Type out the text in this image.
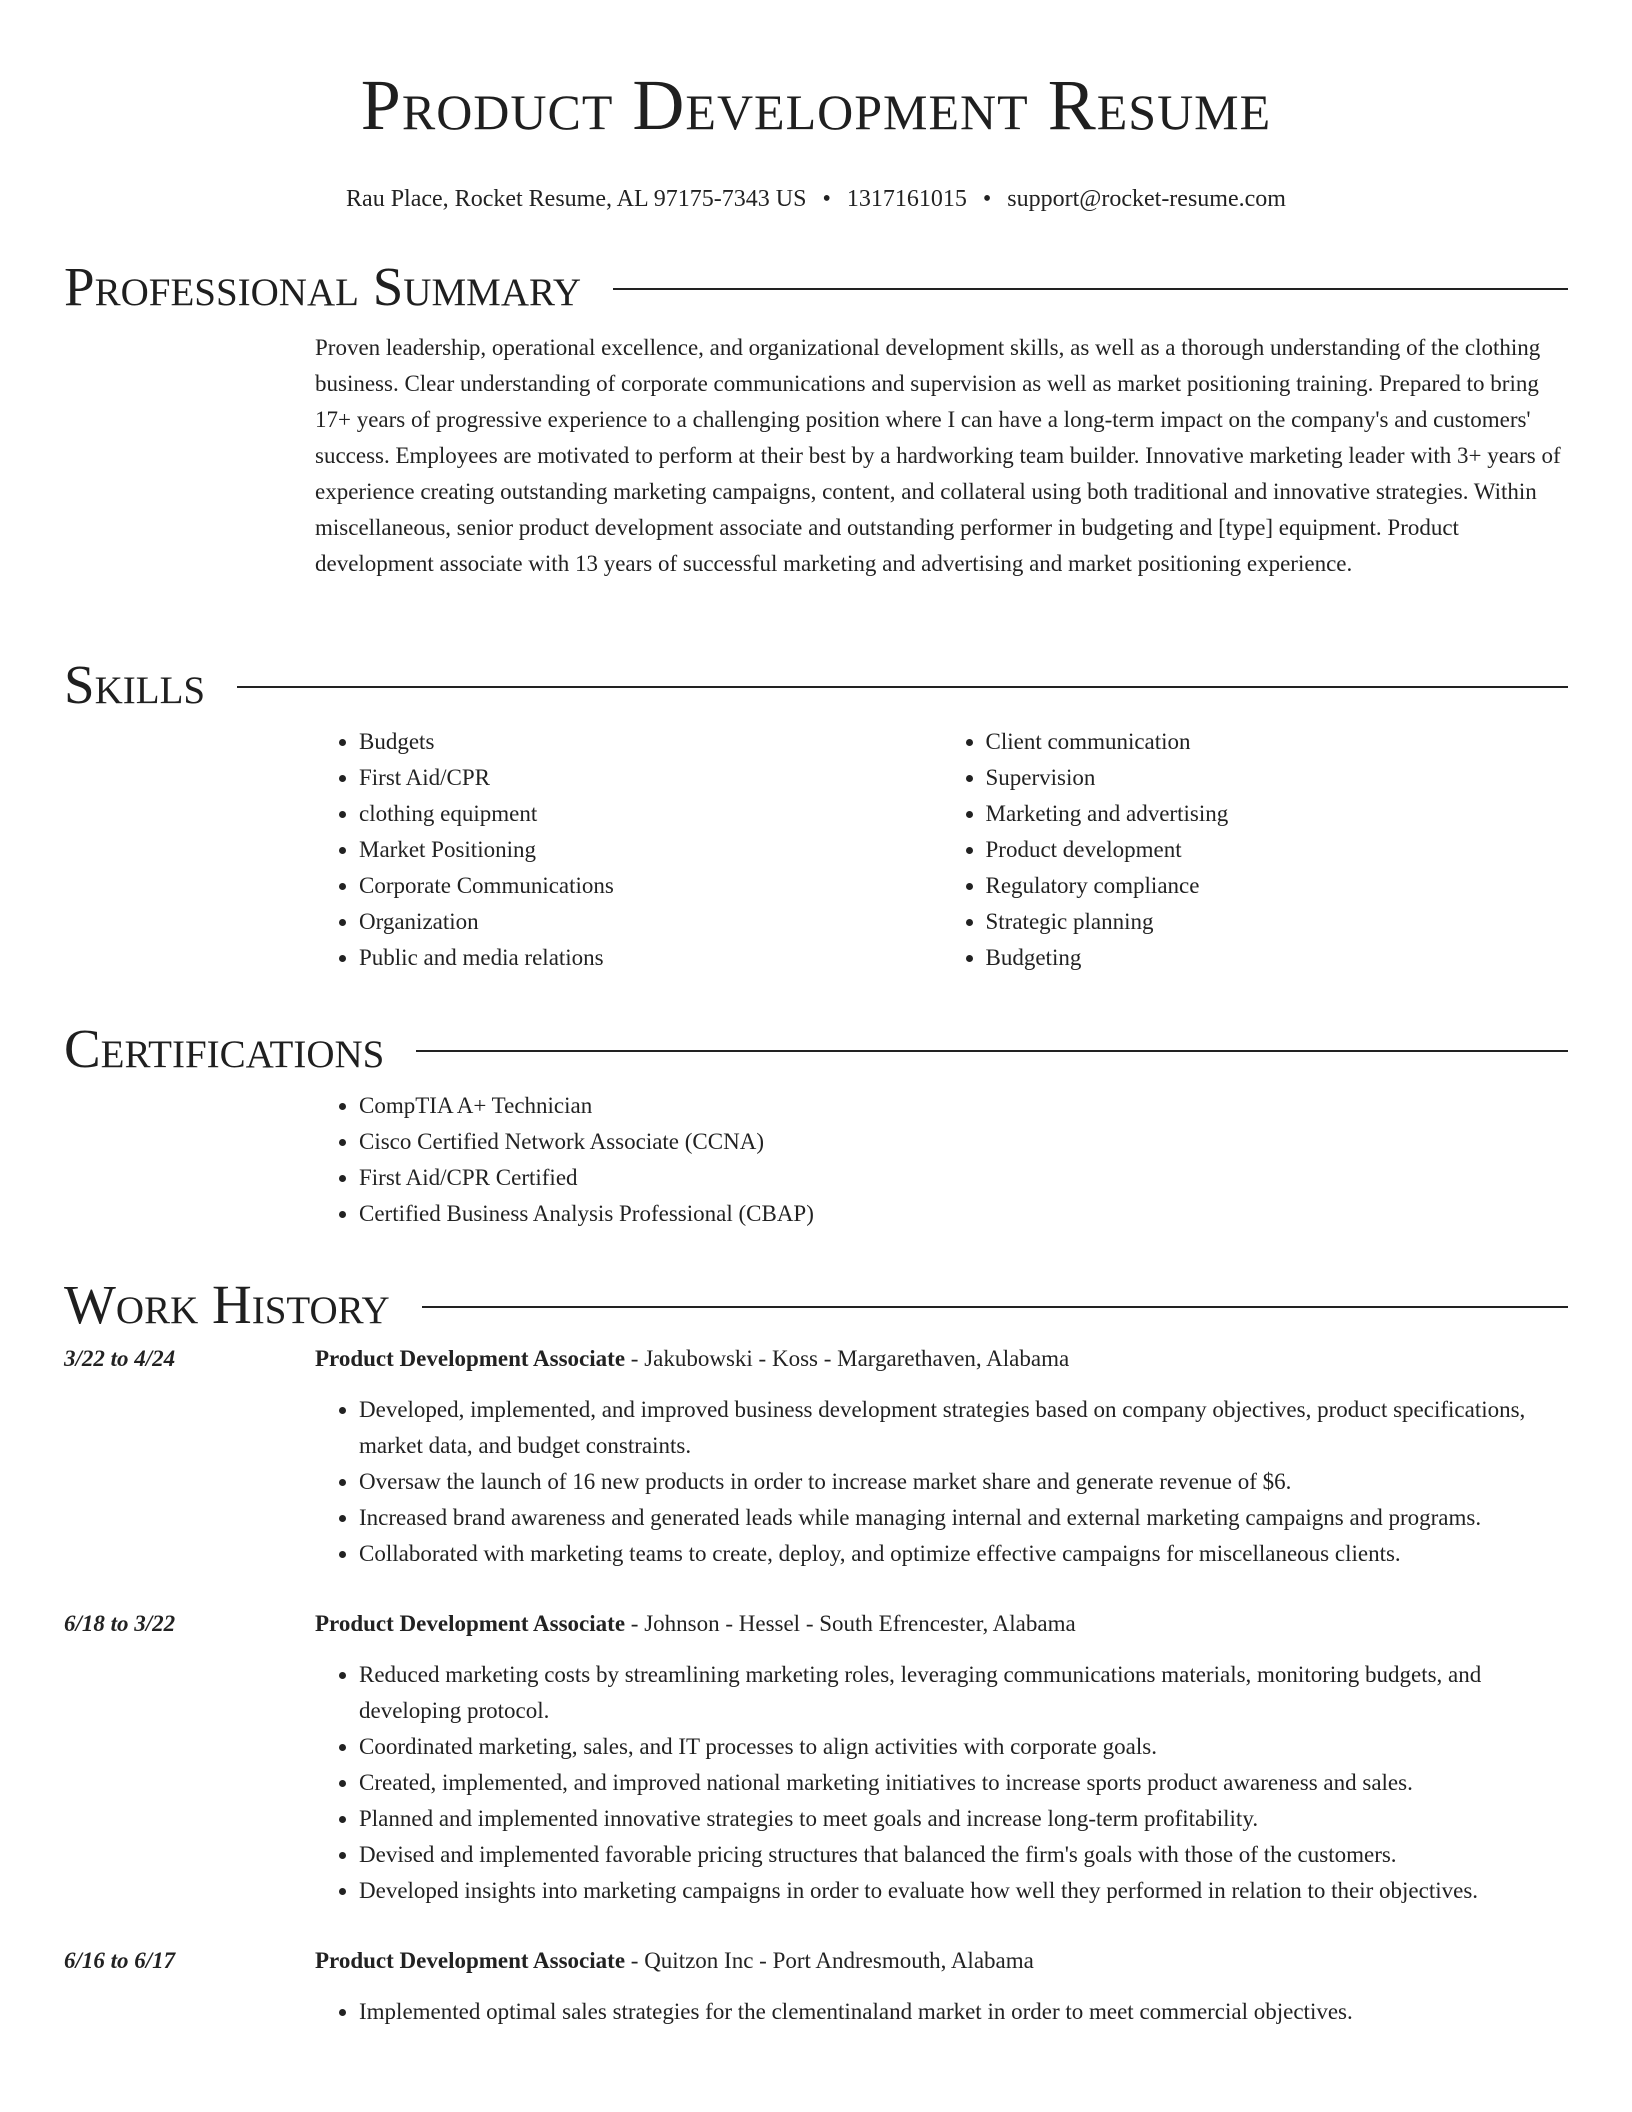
Product Development Resume
Rau Place, Rocket Resume, AL 97175-7343 US • 1317161015 • support@rocket-resume.com
Professional Summary

Proven leadership, operational excellence, and organizational development skills, as well as a thorough understanding of the clothing business. Clear understanding of corporate communications and supervision as well as market positioning training. Prepared to bring 17+ years of progressive experience to a challenging position where I can have a long-term impact on the company's and customers' success. Employees are motivated to perform at their best by a hardworking team builder. Innovative marketing leader with 3+ years of experience creating outstanding marketing campaigns, content, and collateral using both traditional and innovative strategies. Within miscellaneous, senior product development associate and outstanding performer in budgeting and [type] equipment. Product development associate with 13 years of successful marketing and advertising and market positioning experience.

Skills
• Budgets
• First Aid/CPR
• clothing equipment
• Market Positioning
• Corporate Communications
• Organization
• Public and media relations
• Client communication
• Supervision
• Marketing and advertising
• Product development
• Regulatory compliance
• Strategic planning
• Budgeting
Certifications
• CompTIA A+ Technician
• Cisco Certified Network Associate (CCNA)
• First Aid/CPR Certified
• Certified Business Analysis Professional (CBAP)
Work History
3/22 to 4/24	Product Development Associate - Jakubowski - Koss - Margarethaven, Alabama
• Developed, implemented, and improved business development strategies based on company objectives, product specifications, market data, and budget constraints.
• Oversaw the launch of 16 new products in order to increase market share and generate revenue of $6.
• Increased brand awareness and generated leads while managing internal and external marketing campaigns and programs.
• Collaborated with marketing teams to create, deploy, and optimize effective campaigns for miscellaneous clients.
6/18 to 3/22	Product Development Associate - Johnson - Hessel - South Efrencester, Alabama
• Reduced marketing costs by streamlining marketing roles, leveraging communications materials, monitoring budgets, and developing protocol.
• Coordinated marketing, sales, and IT processes to align activities with corporate goals.
• Created, implemented, and improved national marketing initiatives to increase sports product awareness and sales.
• Planned and implemented innovative strategies to meet goals and increase long-term profitability.
• Devised and implemented favorable pricing structures that balanced the firm's goals with those of the customers.
• Developed insights into marketing campaigns in order to evaluate how well they performed in relation to their objectives.
6/16 to 6/17	Product Development Associate - Quitzon Inc - Port Andresmouth, Alabama
• Implemented optimal sales strategies for the clementinaland market in order to meet commercial objectives.
